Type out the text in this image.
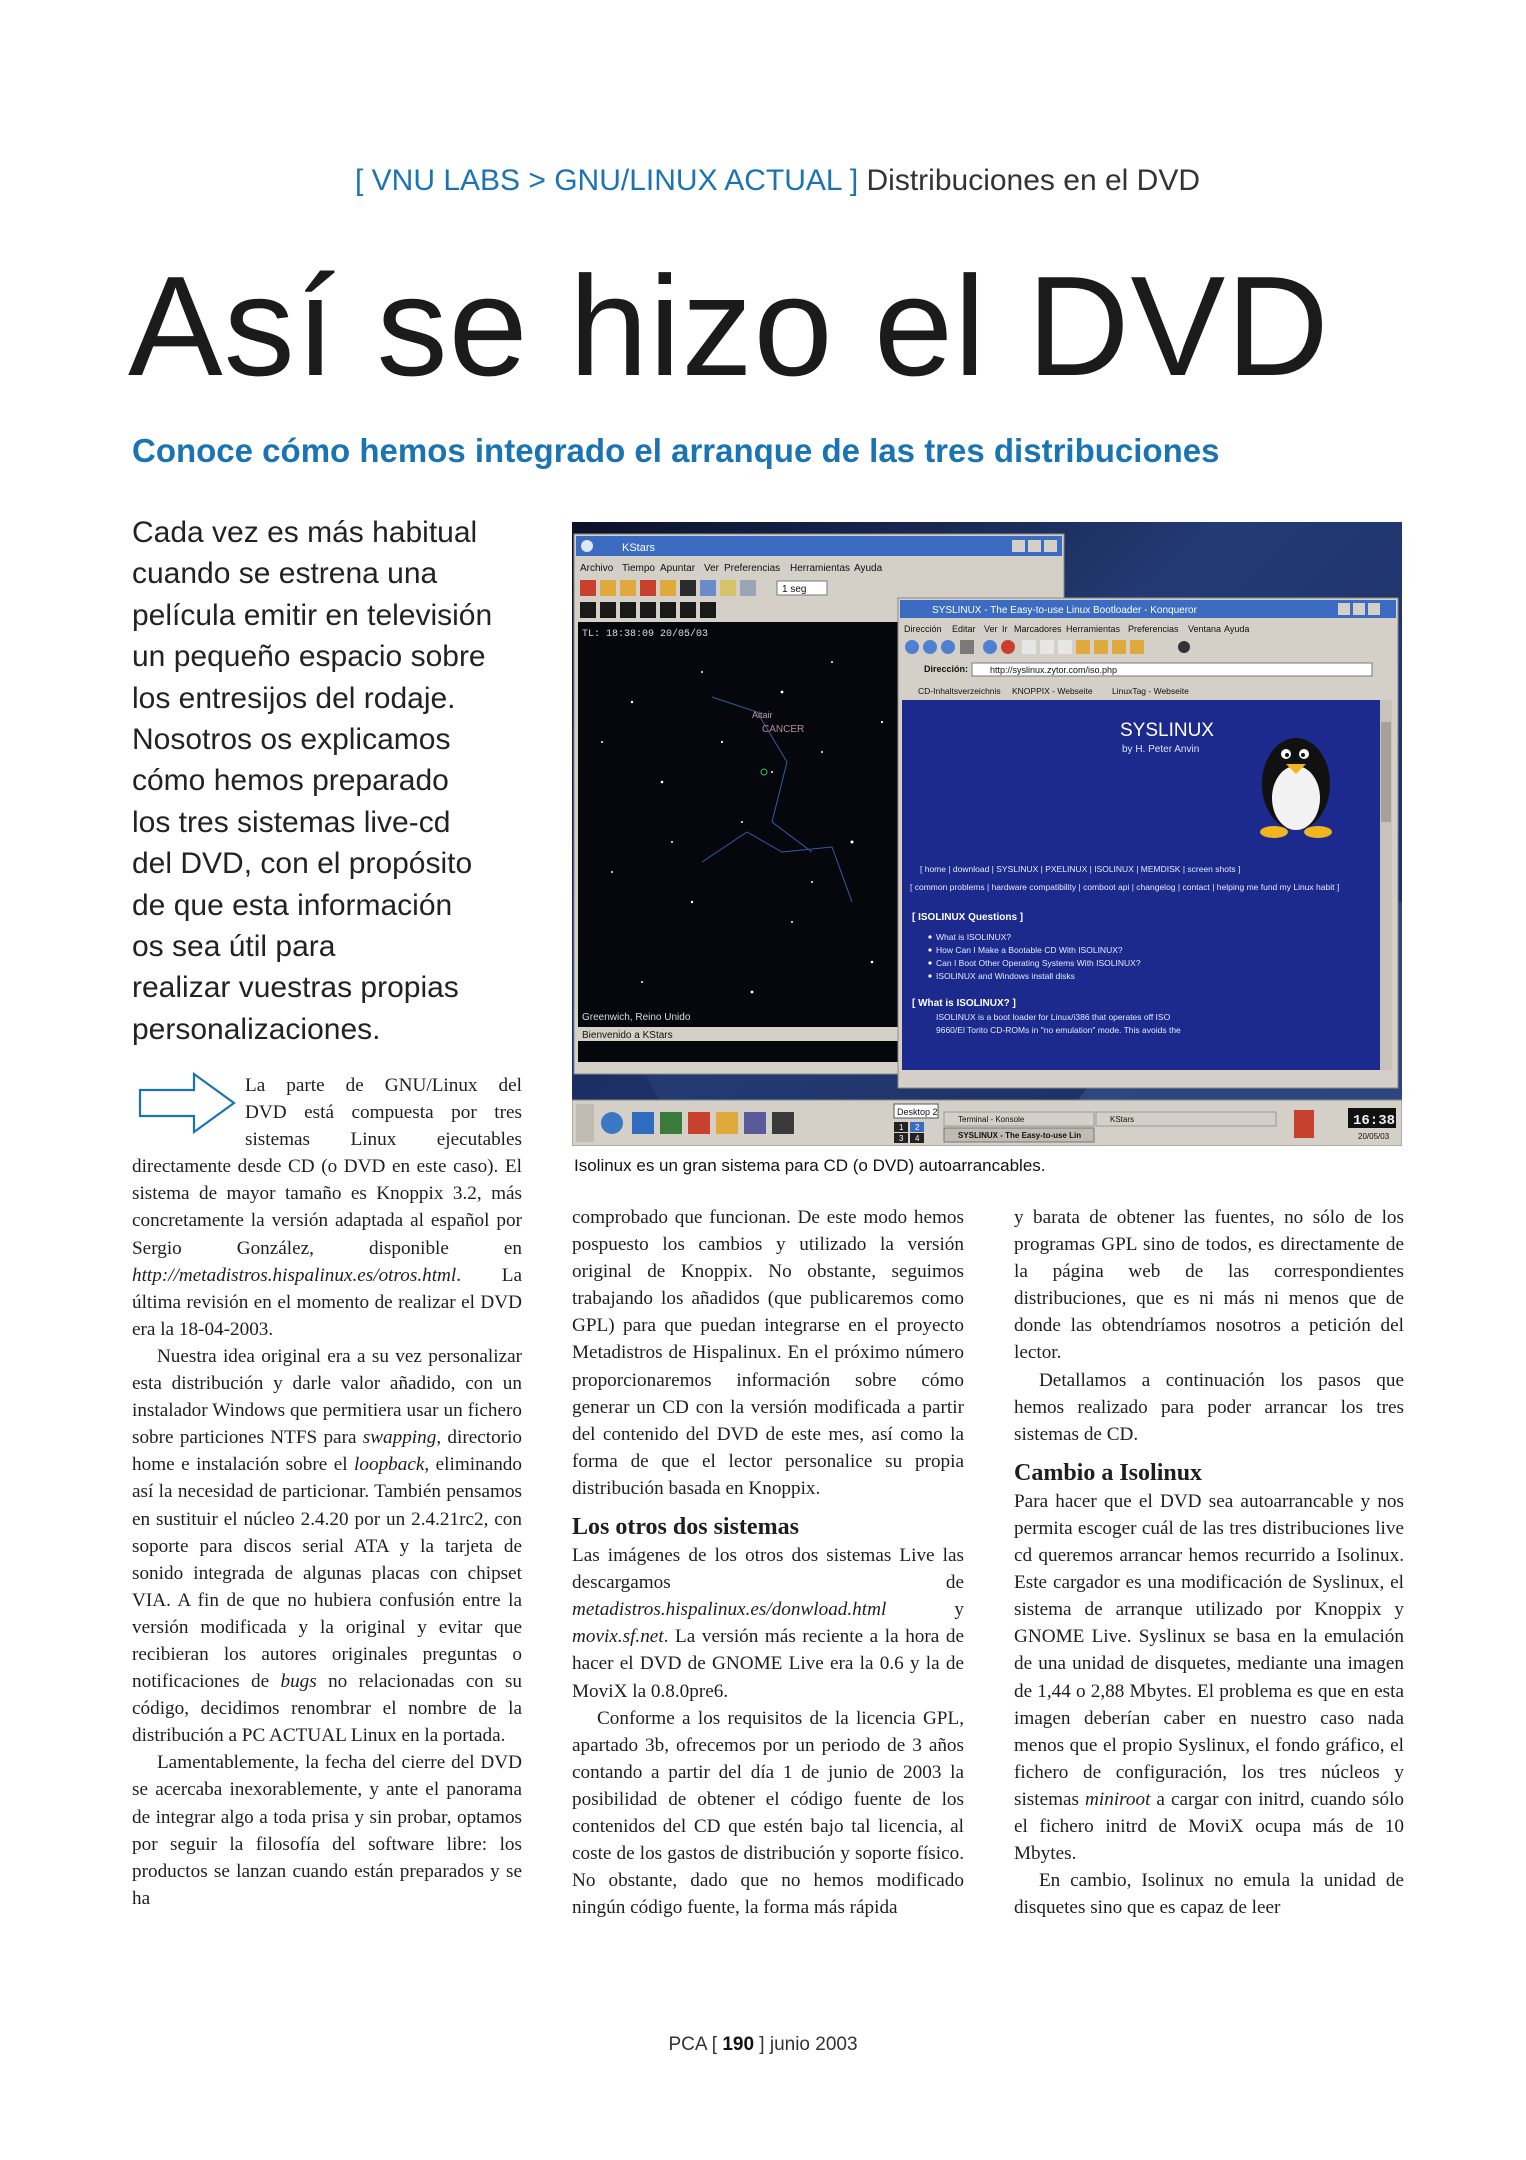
[ VNU LABS > GNU/LINUX ACTUAL ] Distribuciones en el DVD
Así se hizo el DVD
Conoce cómo hemos integrado el arranque de las tres distribuciones
Cada vez es más habitual
cuando se estrena una
película emitir en televisión
un pequeño espacio sobre
los entresijos del rodaje.
Nosotros os explicamos
cómo hemos preparado
los tres sistemas live-cd
del DVD, con el propósito
de que esta información
os sea útil para
realizar vuestras propias
personalizaciones.
La parte de GNU/Linux del
DVD está compuesta por tres
sistemas Linux ejecutables

directamente desde CD (o DVD en este caso). El sistema de mayor tamaño es Knoppix 3.2, más concretamente la versión adaptada al español por Sergio González, disponible en http://metadistros.hispalinux.es/otros.html. La última revisión en el momento de realizar el DVD era la 18-04-2003.

Nuestra idea original era a su vez personalizar esta distribución y darle valor añadido, con un instalador Windows que permitiera usar un fichero sobre particiones NTFS para swapping, directorio home e instalación sobre el loopback, eliminando así la necesidad de particionar. También pensamos en sustituir el núcleo 2.4.20 por un 2.4.21rc2, con soporte para discos serial ATA y la tarjeta de sonido integrada de algunas placas con chipset VIA. A fin de que no hubiera confusión entre la versión modificada y la original y evitar que recibieran los autores originales preguntas o notificaciones de bugs no relacionadas con su código, decidimos renombrar el nombre de la distribución a PC ACTUAL Linux en la portada.

Lamentablemente, la fecha del cierre del DVD se acercaba inexorablemente, y ante el panorama de integrar algo a toda prisa y sin probar, optamos por seguir la filosofía del software libre: los productos se lanzan cuando están preparados y se ha

KStars
Archivo Tiempo Apuntar Ver Preferencias Herramientas Ayuda
1 seg
TL: 18:38:09 20/05/03
Altair
CANCER
Greenwich, Reino Unido
Bienvenido a KStars
SYSLINUX - The Easy-to-use Linux Bootloader - Konqueror
Dirección Editar Ver Ir Marcadores Herramientas Preferencias Ventana Ayuda
Dirección: http://syslinux.zytor.com/iso.php
CD-Inhaltsverzeichnis KNOPPIX - Webseite LinuxTag - Webseite
SYSLINUX
by H. Peter Anvin
[ home | download | SYSLINUX | PXELINUX | ISOLINUX | MEMDISK | screen shots ]
[ common problems | hardware compatibility | comboot api | changelog | contact | helping me fund my Linux habit ]
[ ISOLINUX Questions ]
What is ISOLINUX?
How Can I Make a Bootable CD With ISOLINUX?
Can I Boot Other Operating Systems With ISOLINUX?
ISOLINUX and Windows install disks
[ What is ISOLINUX? ]
ISOLINUX is a boot loader for Linux/i386 that operates off ISO
9660/El Torito CD-ROMs in "no emulation" mode. This avoids the
Desktop 2
1 2
3 4
Terminal - Konsole	KStars
SYSLINUX - The Easy-to-use Lin
16:38
20/05/03
Isolinux es un gran sistema para CD (o DVD) autoarrancables.

comprobado que funcionan. De este modo hemos pospuesto los cambios y utilizado la versión original de Knoppix. No obstante, seguimos trabajando los añadidos (que publicaremos como GPL) para que puedan integrarse en el proyecto Metadistros de Hispalinux. En el próximo número proporcionaremos información sobre cómo generar un CD con la versión modificada a partir del contenido del DVD de este mes, así como la forma de que el lector personalice su propia distribución basada en Knoppix.

Los otros dos sistemas

Las imágenes de los otros dos sistemas Live las descargamos de metadistros.hispalinux.es/donwload.html y movix.sf.net. La versión más reciente a la hora de hacer el DVD de GNOME Live era la 0.6 y la de MoviX la 0.8.0pre6.

Conforme a los requisitos de la licencia GPL, apartado 3b, ofrecemos por un periodo de 3 años contando a partir del día 1 de junio de 2003 la posibilidad de obtener el código fuente de los contenidos del CD que estén bajo tal licencia, al coste de los gastos de distribución y soporte físico. No obstante, dado que no hemos modificado ningún código fuente, la forma más rápida

y barata de obtener las fuentes, no sólo de los programas GPL sino de todos, es directamente de la página web de las correspondientes distribuciones, que es ni más ni menos que de donde las obtendríamos nosotros a petición del lector.

Detallamos a continuación los pasos que hemos realizado para poder arrancar los tres sistemas de CD.

Cambio a Isolinux

Para hacer que el DVD sea autoarrancable y nos permita escoger cuál de las tres distribuciones live cd queremos arrancar hemos recurrido a Isolinux. Este cargador es una modificación de Syslinux, el sistema de arranque utilizado por Knoppix y GNOME Live. Syslinux se basa en la emulación de una unidad de disquetes, mediante una imagen de 1,44 o 2,88 Mbytes. El problema es que en esta imagen deberían caber en nuestro caso nada menos que el propio Syslinux, el fondo gráfico, el fichero de configuración, los tres núcleos y sistemas miniroot a cargar con initrd, cuando sólo el fichero initrd de MoviX ocupa más de 10 Mbytes.

En cambio, Isolinux no emula la unidad de disquetes sino que es capaz de leer

PCA [ 190 ] junio 2003
